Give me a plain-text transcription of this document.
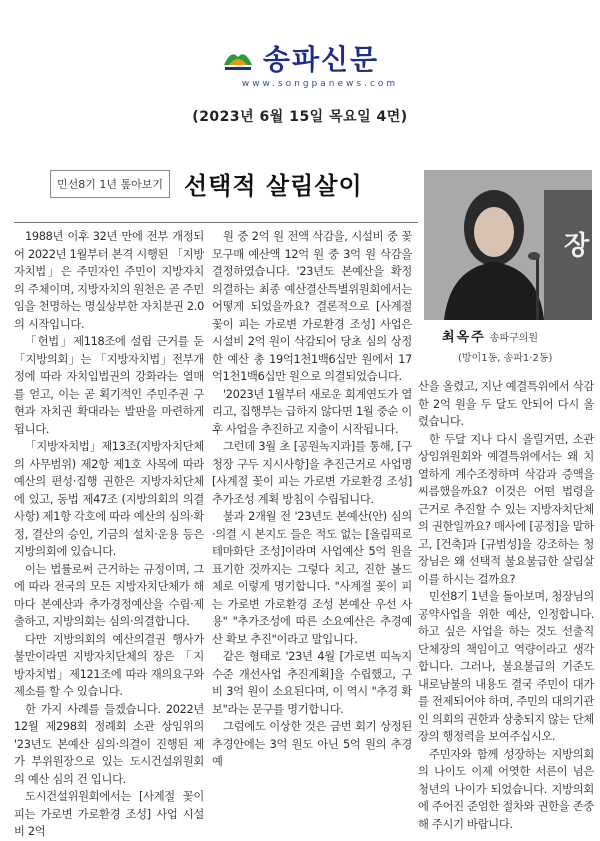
송파신문
www.songpanews.com
(2023년 6월 15일 목요일 4면)
민선8기 1년 톺아보기 선택적 살림살이
장
최옥주 송파구의원
(방이1동, 송파1·2동)

1988년 이후 32년 만에 전부 개정되어 2022년 1월부터 본격 시행된 「지방자치법」은 주민자인 주민이 지방자치의 주체이며, 지방자치의 원천은 곧 주민임을 천명하는 명실상부한 자치분권 2.0의 시작입니다.

「헌법」제118조에 설립 근거를 둔 「지방의회」는 「지방자치법」전부개정에 따라 자치입법권의 강화라는 열매를 얻고, 이는 곧 획기적인 주민주권 구현과 자치권 확대라는 발판을 마련하게 됩니다.

「지방자치법」제13조(지방자치단체의 사무범위) 제2항 제1호 사목에 따라 예산의 편성·집행 권한은 지방자치단체에 있고, 동법 제47조 (지방의회의 의결사항) 제1항 각호에 따라 예산의 심의·확정, 결산의 승인, 기금의 설치·운용 등은 지방의회에 있습니다.

이는 법률로써 근거하는 규정이며, 그에 따라 전국의 모든 지방자치단체가 해마다 본예산과 추가경정예산을 수립·제출하고, 지방의회는 심의·의결합니다.

다만 지방의회의 예산의결권 행사가 불만이라면 지방자치단체의 장은 「지방자치법」제121조에 따라 재의요구와 제소를 할 수 있습니다.

한 가지 사례를 들겠습니다. 2022년 12월 제298회 정례회 소관 상임위의 '23년도 본예산 심의·의결이 진행된 제가 부위원장으로 있는 도시건설위원회의 예산 심의 건 입니다.

도시건설위원회에서는 [사계절 꽃이 피는 가로변 가로환경 조성] 사업 시설비 2억

원 중 2억 원 전액 삭감을, 시설비 중 꽃모구매 예산액 12억 원 중 3억 원 삭감을 결정하였습니다. '23년도 본예산을 확정 의결하는 최종 예산결산특별위원회에서는 어떻게 되었을까요? 결론적으로 [사계절 꽃이 피는 가로변 가로환경 조성] 사업은 시설비 2억 원이 삭감되어 당초 심의 상정한 예산 총 19억1천1백6십만 원에서 17억1천1백6십만 원으로 의결되었습니다.

'2023년 1월부터 새로운 회계연도가 열리고, 집행부는 급하지 않다면 1월 중순 이후 사업을 추진하고 지출이 시작됩니다.

그런데 3월 초 [공원녹지과]를 통해, [구청장 구두 지시사항]을 추진근거로 사업명 [사계절 꽃이 피는 가로변 가로환경 조성] 추가조성 계획 방침이 수립됩니다.

불과 2개월 전 '23년도 본예산(안) 심의·의결 시 본지도 들은 적도 없는 [올림픽로 테마화단 조성]이라며 사업예산 5억 원을 표기한 것까지는 그렇다 치고, 진한 볼드체로 이렇게 명기합니다. "사계절 꽃이 피는 가로변 가로환경 조성 본예산 우선 사용" "추가조성에 따른 소요예산은 추경예산 확보 추진"이라고 말입니다.

같은 형태로 '23년 4월 [가로변 띠녹지 수준 개선사업 추진계획]을 수립했고, 구비 3억 원이 소요된다며, 이 역시 "추경 확보"라는 문구를 명기합니다.

그럼에도 이상한 것은 금번 회기 상정된 추경안에는 3억 원도 아닌 5억 원의 추경예

산을 올렸고, 지난 예결특위에서 삭감한 2억 원을 두 달도 안되어 다시 올렸습니다.

한 두달 지나 다시 올릴거면, 소관상임위원회와 예결특위에서는 왜 치열하게 계수조정하며 삭감과 증액을 씨름했을까요? 이것은 어떤 법령을 근거로 추진할 수 있는 지방자치단체의 권한일까요? 매사에 [공정]을 말하고, [건축]과 [규범성]을 강조하는 청장님은 왜 선택적 불요불급한 살림살이를 하시는 걸까요?

민선8기 1년을 돌아보며, 청장님의 공약사업을 위한 예산, 인정합니다. 하고 싶은 사업을 하는 것도 선출직 단체장의 책임이고 역량이라고 생각합니다. 그러나, 불요불급의 기준도 내로남불의 내용도 결국 주민이 대가를 전제되어야 하며, 주민의 대의기관인 의회의 권한과 상충되지 않는 단체장의 행정력을 보여주십시오.

주민자와 함께 성장하는 지방의회의 나이도 이제 어엿한 서른이 넘은 청년의 나이가 되었습니다. 지방의회에 주어진 준엄한 절차와 권한을 존중해 주시기 바랍니다.
